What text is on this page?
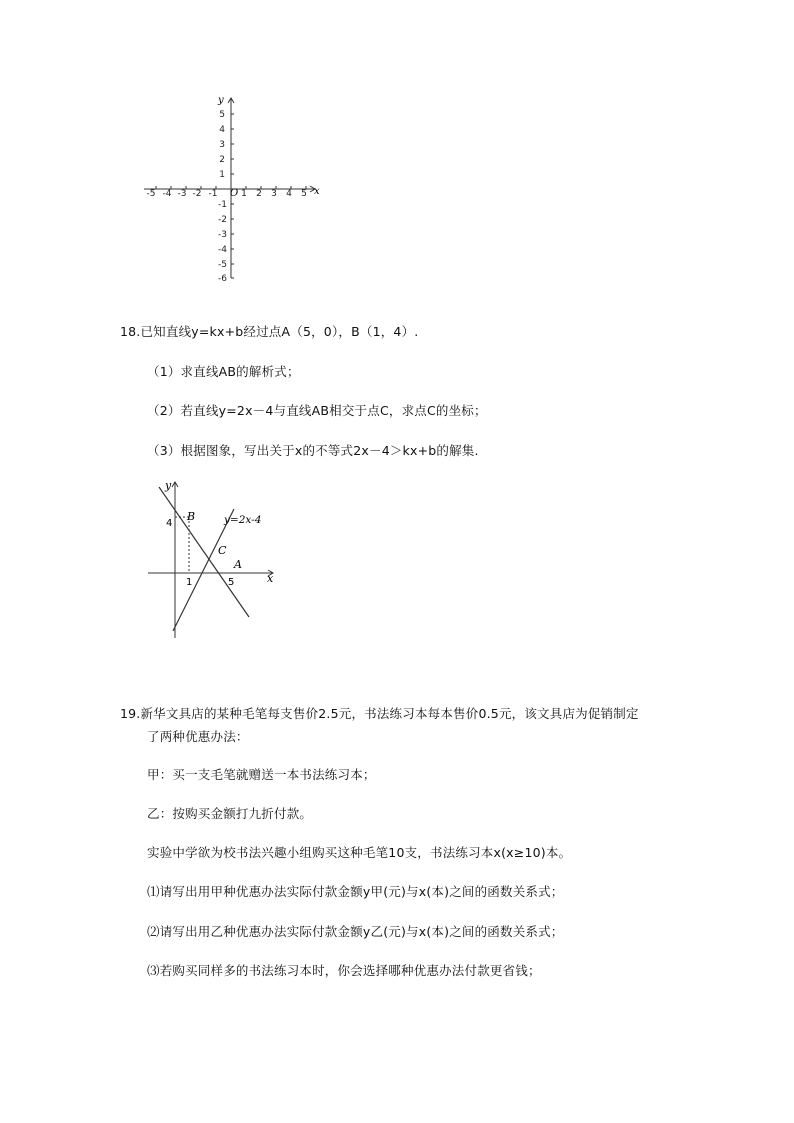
-5 -4 -3 -2 -1	1 2 3 4 5
5
4
3
2
1
-1
-2
-3
-4
-5
-6
O	x
y
18.已知直线y=kx+b经过点A（5，0），B（1，4）.
（1）求直线AB的解析式；
（2）若直线y=2x－4与直线AB相交于点C，求点C的坐标；
（3）根据图象，写出关于x的不等式2x－4＞kx+b的解集.
y
x
4
1	5
B
C
A
y=2x-4
19.新华文具店的某种毛笔每支售价2.5元，书法练习本每本售价0.5元，该文具店为促销制定
了两种优惠办法：
甲：买一支毛笔就赠送一本书法练习本；
乙：按购买金额打九折付款。
实验中学欲为校书法兴趣小组购买这种毛笔10支，书法练习本x(x≥10)本。
⑴请写出用甲种优惠办法实际付款金额y甲(元)与x(本)之间的函数关系式；
⑵请写出用乙种优惠办法实际付款金额y乙(元)与x(本)之间的函数关系式；
⑶若购买同样多的书法练习本时，你会选择哪种优惠办法付款更省钱；
